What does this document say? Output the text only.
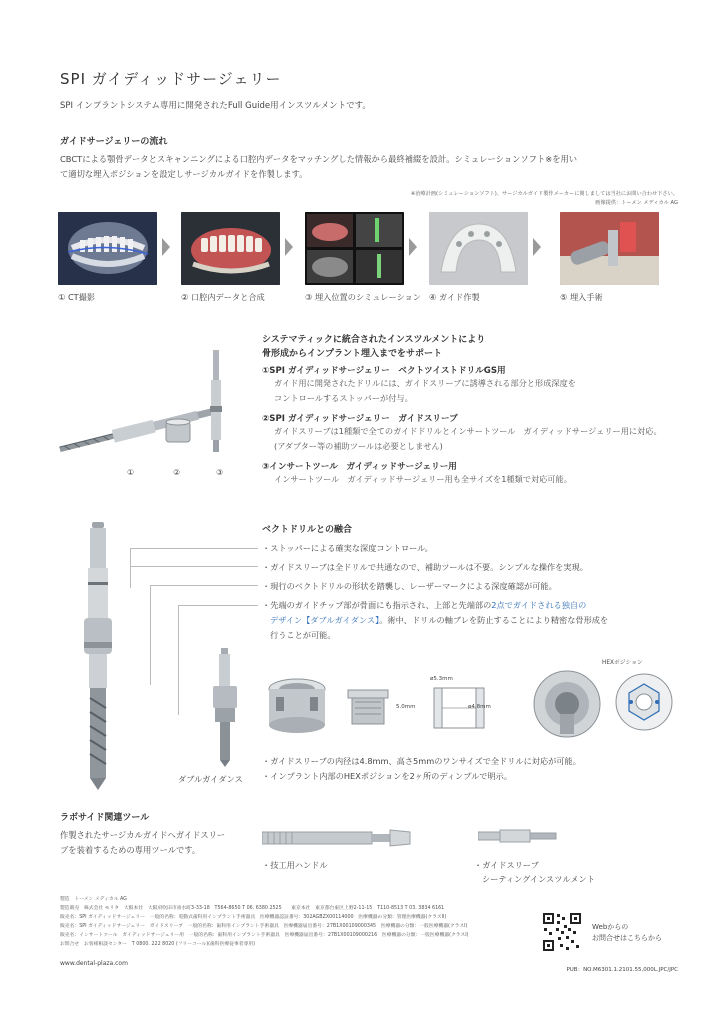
SPI ガイディッドサージェリー
SPI インプラントシステム専用に開発されたFull Guide用インスツルメントです。
ガイドサージェリーの流れ
CBCTによる顎骨データとスキャンニングによる口腔内データをマッチングした情報から最終補綴を設計。シミュレーションソフト※を用い
て適切な埋入ポジションを設定しサージカルガイドを作製します。
※治療計画(シミュレーションソフト)、サージカルガイド製作メーカーに関しましては当社にお問い合わせ下さい。
画像提供：トーメン メディカル AG
① CT撮影	② 口腔内データと合成	③ 埋入位置のシミュレーション ④ ガイド作製	⑤ 埋入手術
①	②	③
システマティックに統合されたインスツルメントにより
骨形成からインプラント埋入までをサポート
①SPI ガイディッドサージェリー　ベクトツイストドリルGS用
ガイド用に開発されたドリルには、ガイドスリーブに誘導される部分と形成深度を
コントロールするストッパーが付与。
②SPI ガイディッドサージェリー　ガイドスリーブ
ガイドスリーブは1種類で全てのガイドドリルとインサートツール　ガイディッドサージェリー用に対応。
(アダプター等の補助ツールは必要としません)
③インサートツール　ガイディッドサージェリー用
インサートツール　ガイディッドサージェリー用も全サイズを1種類で対応可能。
ベクトドリルとの融合
ダブルガイダンス
・ストッパーによる確実な深度コントロール。
・ガイドスリーブは全ドリルで共通なので、補助ツールは不要。シンプルな操作を実現。
・現行のベクトドリルの形状を踏襲し、レーザーマークによる深度確認が可能。
・先端のガイドチップ部が骨面にも指示され、上部と先端部の2点でガイドされる独自の
デザイン【ダブルガイダンス】。術中、ドリルの軸ブレを防止することにより精密な骨形成を
行うことが可能。
5.0mm
ø5.3mm
ø4.8mm
HEXポジション
・ガイドスリーブの内径は4.8mm、高さ5mmのワンサイズで全ドリルに対応が可能。
・インプラント内部のHEXポジションを2ヶ所のディンプルで明示。
ラボサイド関連ツール
作製されたサージカルガイドへガイドスリー
ブを装着するための専用ツールです。
・技工用ハンドル	・ガイドスリーブ
シーティングインスツルメント
製造　トーメン メディカル AG
製造販売　株式会社 モリタ　大阪本社　大阪府吹田市垂水町3-33-18　T564-8650 T 06. 6380 2525　　東京本社　東京都台東区上野2-11-15　T110-8513 T 03. 3834 6161
販売名：SPI ガイディッドサージェリー　一般的名称：電動式歯科用インプラント手術器具　医療機器認証番号：302AGBZX00114000　医療機器の分類：管理医療機器(クラスII)
販売名：SPI ガイディッドサージェリー　ガイドスリーブ　一般的名称：歯科用インプラント手術器具　医療機器届出番号：27B1X00109000345　医療機器の分類：一般医療機器(クラスI)
販売名：インサートツール　ガイディッドサージェリー用　一般的名称：歯科用インプラント手術器具　医療機器届出番号：27B1X00109000216　医療機器の分類：一般医療機器(クラスI)
お問合せ　お客様相談センター　T 0800. 222 8020 (フリーコール)(歯科医療従事者専用)
www.dental-plaza.com
Webからの
お問合せはこちらから
PUB：NO.M6301.1.2101.55,000L.JPC/JPC
